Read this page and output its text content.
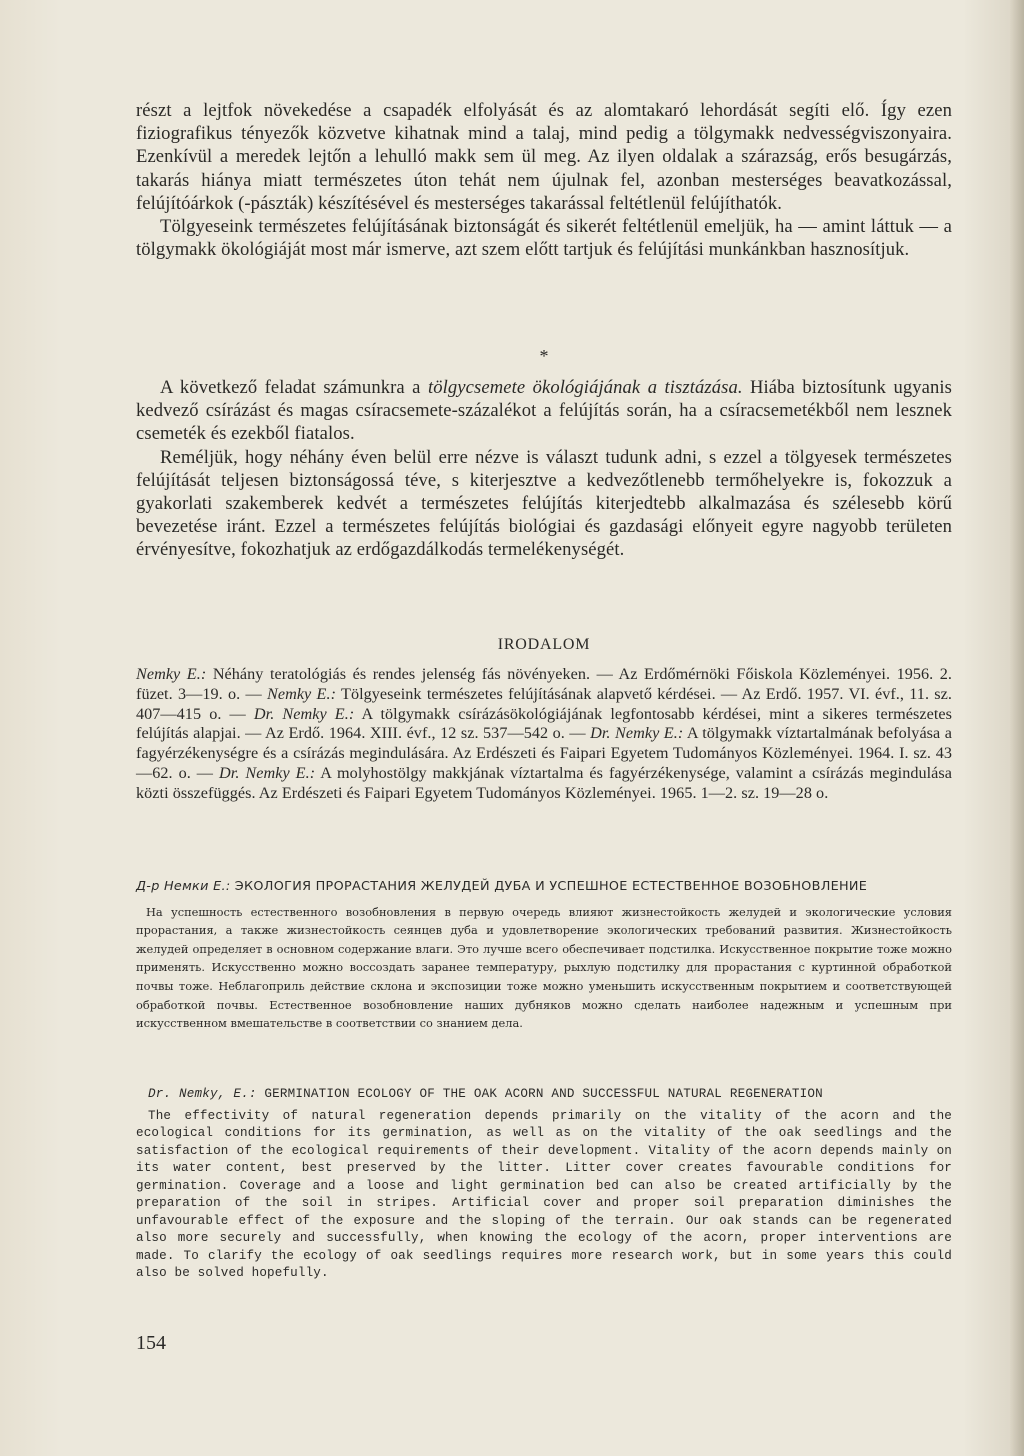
részt a lejtfok növekedése a csapadék elfolyását és az alomtakaró lehordását segíti elő. Így ezen fiziografikus tényezők közvetve kihatnak mind a talaj, mind pedig a tölgymakk nedvességviszonyaira. Ezenkívül a meredek lejtőn a lehulló makk sem ül meg. Az ilyen oldalak a szárazság, erős besugárzás, takarás hiánya miatt természetes úton tehát nem újulnak fel, azonban mesterséges beavatkozással, felújítóárkok (-pászták) készítésével és mesterséges takarással feltétlenül felújíthatók.

Tölgyeseink természetes felújításának biztonságát és sikerét feltétlenül emeljük, ha — amint láttuk — a tölgymakk ökológiáját most már ismerve, azt szem előtt tartjuk és felújítási munkánkban hasznosítjuk.

*

A következő feladat számunkra a tölgycsemete ökológiájának a tisztázása. Hiába biztosítunk ugyanis kedvező csírázást és magas csíracsemete-százalékot a felújítás során, ha a csíracsemetékből nem lesznek csemeték és ezekből fiatalos.

Reméljük, hogy néhány éven belül erre nézve is választ tudunk adni, s ezzel a tölgyesek természetes felújítását teljesen biztonságossá téve, s kiterjesztve a kedvezőtlenebb termőhelyekre is, fokozzuk a gyakorlati szakemberek kedvét a természetes felújítás kiterjedtebb alkalmazása és szélesebb körű bevezetése iránt. Ezzel a természetes felújítás biológiai és gazdasági előnyeit egyre nagyobb területen érvényesítve, fokozhatjuk az erdőgazdálkodás termelékenységét.

IRODALOM

Nemky E.: Néhány teratológiás és rendes jelenség fás növényeken. — Az Erdőmérnöki Főiskola Közleményei. 1956. 2. füzet. 3—19. o. — Nemky E.: Tölgyeseink természetes felújításának alapvető kérdései. — Az Erdő. 1957. VI. évf., 11. sz. 407—415 o. — Dr. Nemky E.: A tölgymakk csírázásökológiájának legfontosabb kérdései, mint a sikeres természetes felújítás alapjai. — Az Erdő. 1964. XIII. évf., 12 sz. 537—542 o. — Dr. Nemky E.: A tölgymakk víztartalmának befolyása a fagyérzékenységre és a csírázás megindulására. Az Erdészeti és Faipari Egyetem Tudományos Közleményei. 1964. I. sz. 43—62. o. — Dr. Nemky E.: A molyhostölgy makkjának víztartalma és fagyérzékenysége, valamint a csírázás megindulása közti összefüggés. Az Erdészeti és Faipari Egyetem Tudományos Közleményei. 1965. 1—2. sz. 19—28 o.

Д-р Немки Е.: ЭКОЛОГИЯ ПРОРАСТАНИЯ ЖЕЛУДЕЙ ДУБА И УСПЕШНОЕ ЕСТЕСТВЕННОЕ ВОЗОБНОВЛЕНИЕ

На успешность естественного возобновления в первую очередь влияют жизнестойкость желудей и экологические условия прорастания, а также жизнестойкость сеянцев дуба и удовлетворение экологических требований развития. Жизнестойкость желудей определяет в основном содержание влаги. Это лучше всего обеспечивает подстилка. Искусственное покрытие тоже можно применять. Искусственно можно воссоздать заранее температуру, рыхлую подстилку для прорастания с куртинной обработкой почвы тоже. Неблагоприль действие склона и экспозиции тоже можно уменьшить искусственным покрытием и соответствующей обработкой почвы. Естественное возобновление наших дубняков можно сделать наиболее надежным и успешным при искусственном вмешательстве в соответствии со знанием дела.

Dr. Nemky, E.: GERMINATION ECOLOGY OF THE OAK ACORN AND SUCCESSFUL NATURAL REGENERATION

The effectivity of natural regeneration depends primarily on the vitality of the acorn and the ecological conditions for its germination, as well as on the vitality of the oak seedlings and the satisfaction of the ecological requirements of their development. Vitality of the acorn depends mainly on its water content, best preserved by the litter. Litter cover creates favourable conditions for germination. Coverage and a loose and light germination bed can also be created artificially by the preparation of the soil in stripes. Artificial cover and proper soil preparation diminishes the unfavourable effect of the exposure and the sloping of the terrain. Our oak stands can be regenerated also more securely and successfully, when knowing the ecology of the acorn, proper interventions are made. To clarify the ecology of oak seedlings requires more research work, but in some years this could also be solved hopefully.

154
